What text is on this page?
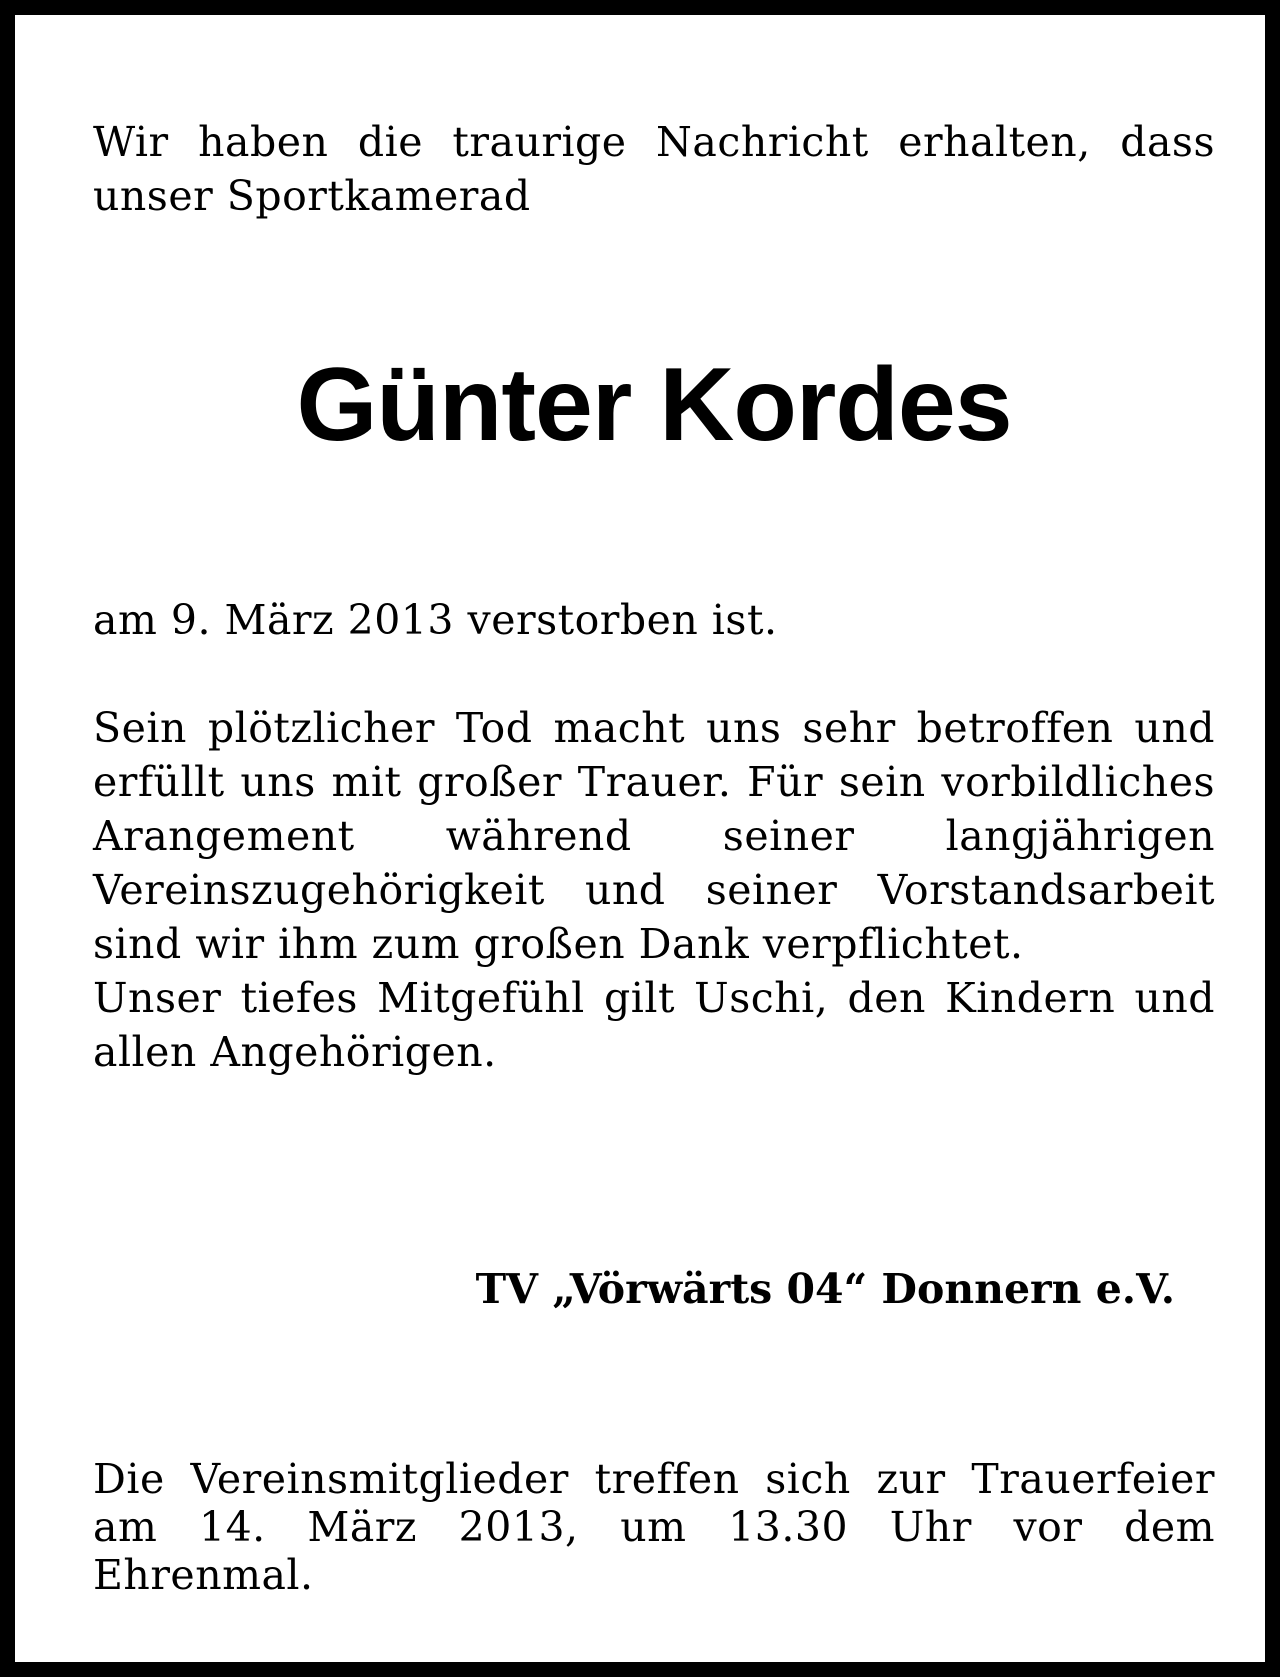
Wir haben die traurige Nachricht erhalten, dass unser Sportkamerad

Günter Kordes

am 9. März 2013 verstorben ist.

Sein plötzlicher Tod macht uns sehr betroffen und erfüllt uns mit großer Trauer. Für sein vorbildliches Arangement während seiner langjährigen Vereinszugehörigkeit und seiner Vorstandsarbeit sind wir ihm zum großen Dank verpflichtet.
Unser tiefes Mitgefühl gilt Uschi, den Kindern und allen Angehörigen.

TV „Vörwärts 04“ Donnern e.V.

Die Vereinsmitglieder treffen sich zur Trauerfeier am 14. März 2013, um 13.30 Uhr vor dem Ehrenmal.
